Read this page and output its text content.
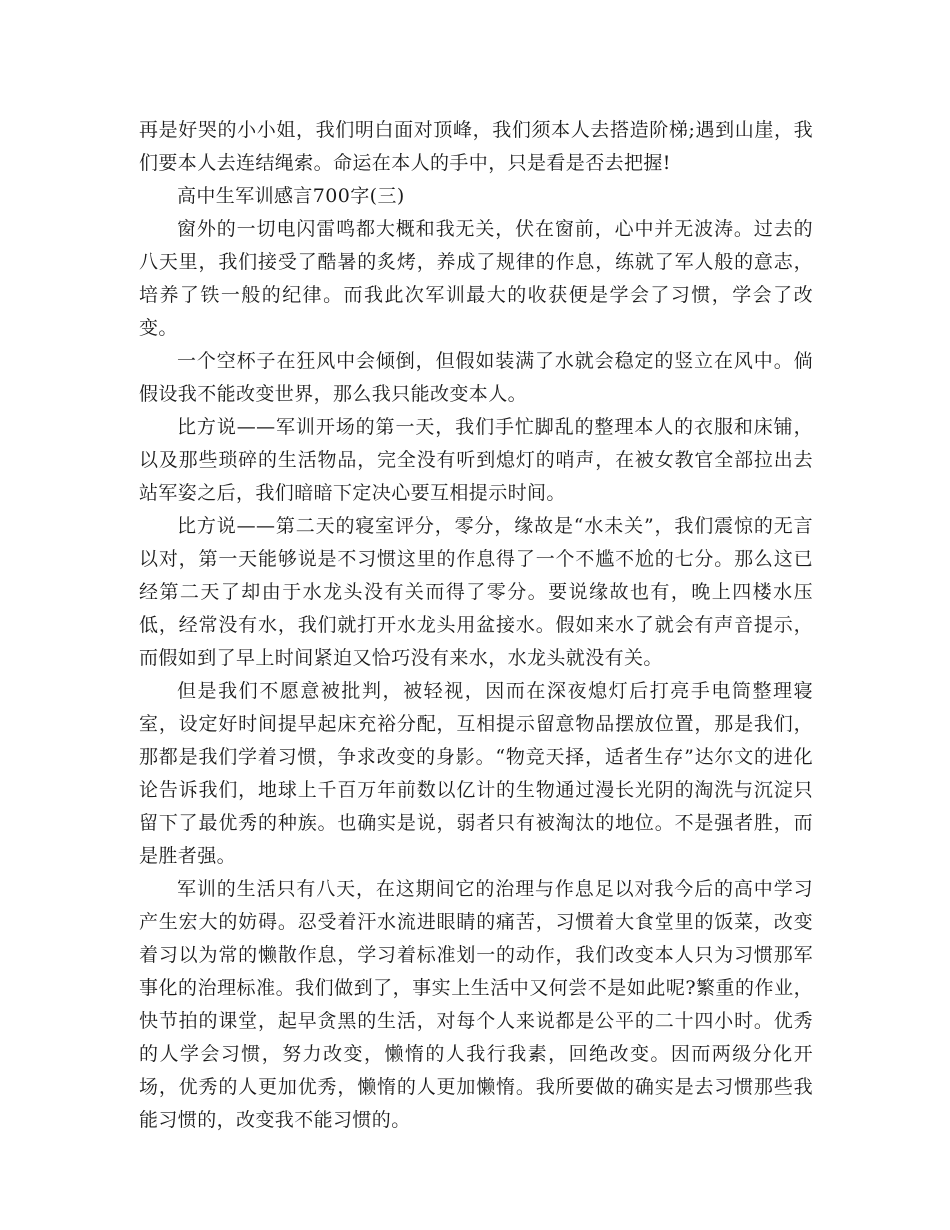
再是好哭的小小姐，我们明白面对顶峰，我们须本人去搭造阶梯;遇到山崖，我们要本人去连结绳索。命运在本人的手中，只是看是否去把握!

高中生军训感言700字(三)

窗外的一切电闪雷鸣都大概和我无关，伏在窗前，心中并无波涛。过去的八天里，我们接受了酷暑的炙烤，养成了规律的作息，练就了军人般的意志，培养了铁一般的纪律。而我此次军训最大的收获便是学会了习惯，学会了改变。

一个空杯子在狂风中会倾倒，但假如装满了水就会稳定的竖立在风中。倘假设我不能改变世界，那么我只能改变本人。

比方说——军训开场的第一天，我们手忙脚乱的整理本人的衣服和床铺，以及那些琐碎的生活物品，完全没有听到熄灯的哨声，在被女教官全部拉出去站军姿之后，我们暗暗下定决心要互相提示时间。

比方说——第二天的寝室评分，零分，缘故是“水未关”，我们震惊的无言以对，第一天能够说是不习惯这里的作息得了一个不尴不尬的七分。那么这已经第二天了却由于水龙头没有关而得了零分。要说缘故也有，晚上四楼水压低，经常没有水，我们就打开水龙头用盆接水。假如来水了就会有声音提示，而假如到了早上时间紧迫又恰巧没有来水，水龙头就没有关。

但是我们不愿意被批判，被轻视，因而在深夜熄灯后打亮手电筒整理寝室，设定好时间提早起床充裕分配，互相提示留意物品摆放位置，那是我们，那都是我们学着习惯，争求改变的身影。“物竞天择，适者生存”达尔文的进化论告诉我们，地球上千百万年前数以亿计的生物通过漫长光阴的淘洗与沉淀只留下了最优秀的种族。也确实是说，弱者只有被淘汰的地位。不是强者胜，而是胜者强。

军训的生活只有八天，在这期间它的治理与作息足以对我今后的高中学习产生宏大的妨碍。忍受着汗水流进眼睛的痛苦，习惯着大食堂里的饭菜，改变着习以为常的懒散作息，学习着标准划一的动作，我们改变本人只为习惯那军事化的治理标准。我们做到了，事实上生活中又何尝不是如此呢?繁重的作业，快节拍的课堂，起早贪黑的生活，对每个人来说都是公平的二十四小时。优秀的人学会习惯，努力改变，懒惰的人我行我素，回绝改变。因而两级分化开场，优秀的人更加优秀，懒惰的人更加懒惰。我所要做的确实是去习惯那些我能习惯的，改变我不能习惯的。
